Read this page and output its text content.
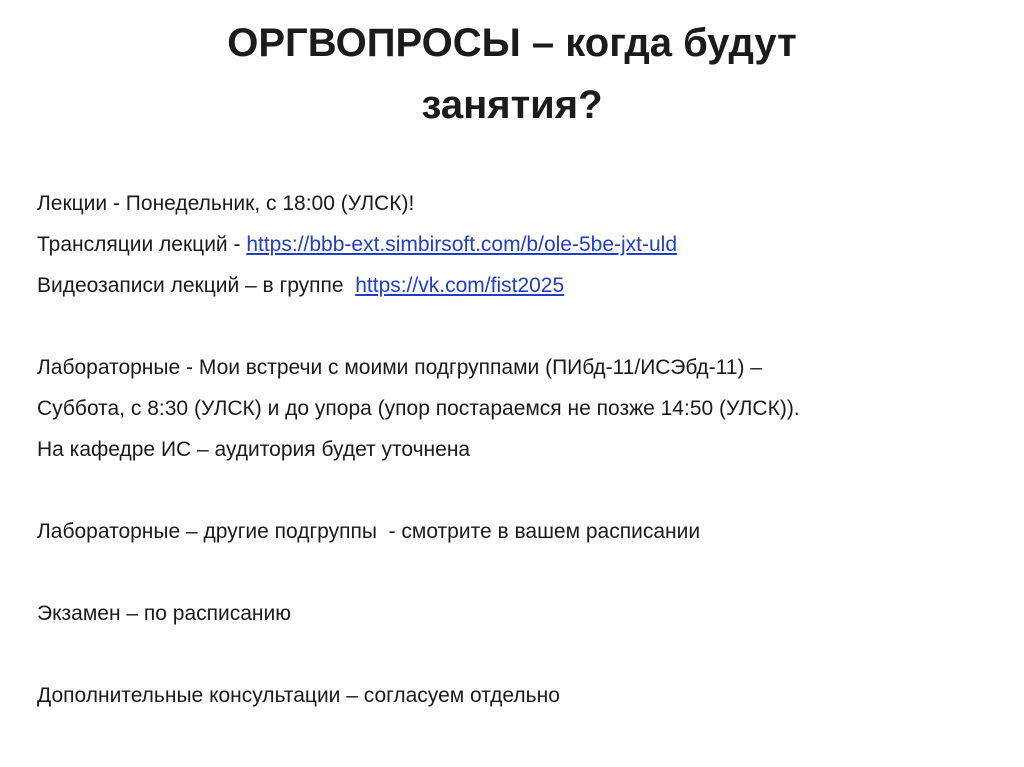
ОРГВОПРОСЫ – когда будут
занятия?
Лекции - Понедельник, с 18:00 (УЛСК)!
Трансляции лекций - https://bbb-ext.simbirsoft.com/b/ole-5be-jxt-uld
Видеозаписи лекций – в группе  https://vk.com/fist2025
Лабораторные - Мои встречи с моими подгруппами (ПИбд-11/ИСЭбд-11) –
Суббота, с 8:30 (УЛСК) и до упора (упор постараемся не позже 14:50 (УЛСК)).
На кафедре ИС – аудитория будет уточнена
Лабораторные – другие подгруппы  - смотрите в вашем расписании
Экзамен – по расписанию
Дополнительные консультации – согласуем отдельно
